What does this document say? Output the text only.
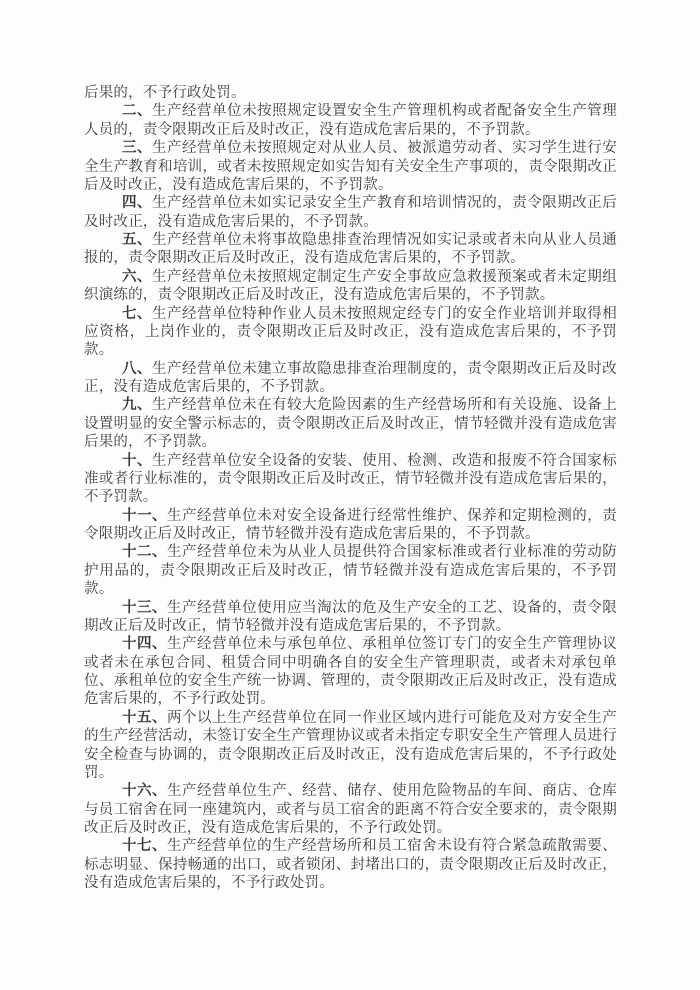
后果的，不予行政处罚。

二、生产经营单位未按照规定设置安全生产管理机构或者配备安全生产管理人员的，责令限期改正后及时改正，没有造成危害后果的，不予罚款。

三、生产经营单位未按照规定对从业人员、被派遣劳动者、实习学生进行安全生产教育和培训，或者未按照规定如实告知有关安全生产事项的，责令限期改正后及时改正，没有造成危害后果的，不予罚款。

四、生产经营单位未如实记录安全生产教育和培训情况的，责令限期改正后及时改正，没有造成危害后果的，不予罚款。

五、生产经营单位未将事故隐患排查治理情况如实记录或者未向从业人员通报的，责令限期改正后及时改正，没有造成危害后果的，不予罚款。

六、生产经营单位未按照规定制定生产安全事故应急救援预案或者未定期组织演练的，责令限期改正后及时改正，没有造成危害后果的，不予罚款。

七、生产经营单位特种作业人员未按照规定经专门的安全作业培训并取得相应资格，上岗作业的，责令限期改正后及时改正，没有造成危害后果的，不予罚款。

八、生产经营单位未建立事故隐患排查治理制度的，责令限期改正后及时改正，没有造成危害后果的，不予罚款。

九、生产经营单位未在有较大危险因素的生产经营场所和有关设施、设备上设置明显的安全警示标志的，责令限期改正后及时改正，情节轻微并没有造成危害后果的，不予罚款。

十、生产经营单位安全设备的安装、使用、检测、改造和报废不符合国家标准或者行业标准的，责令限期改正后及时改正，情节轻微并没有造成危害后果的，不予罚款。

十一、生产经营单位未对安全设备进行经常性维护、保养和定期检测的，责令限期改正后及时改正，情节轻微并没有造成危害后果的，不予罚款。

十二、生产经营单位未为从业人员提供符合国家标准或者行业标准的劳动防护用品的，责令限期改正后及时改正，情节轻微并没有造成危害后果的，不予罚款。

十三、生产经营单位使用应当淘汰的危及生产安全的工艺、设备的，责令限期改正后及时改正，情节轻微并没有造成危害后果的，不予罚款。

十四、生产经营单位未与承包单位、承租单位签订专门的安全生产管理协议或者未在承包合同、租赁合同中明确各自的安全生产管理职责，或者未对承包单位、承租单位的安全生产统一协调、管理的，责令限期改正后及时改正，没有造成危害后果的，不予行政处罚。

十五、两个以上生产经营单位在同一作业区域内进行可能危及对方安全生产的生产经营活动，未签订安全生产管理协议或者未指定专职安全生产管理人员进行安全检查与协调的，责令限期改正后及时改正，没有造成危害后果的，不予行政处罚。

十六、生产经营单位生产、经营、储存、使用危险物品的车间、商店、仓库与员工宿舍在同一座建筑内，或者与员工宿舍的距离不符合安全要求的，责令限期改正后及时改正，没有造成危害后果的，不予行政处罚。

十七、生产经营单位的生产经营场所和员工宿舍未设有符合紧急疏散需要、标志明显、保持畅通的出口，或者锁闭、封堵出口的，责令限期改正后及时改正，没有造成危害后果的，不予行政处罚。
